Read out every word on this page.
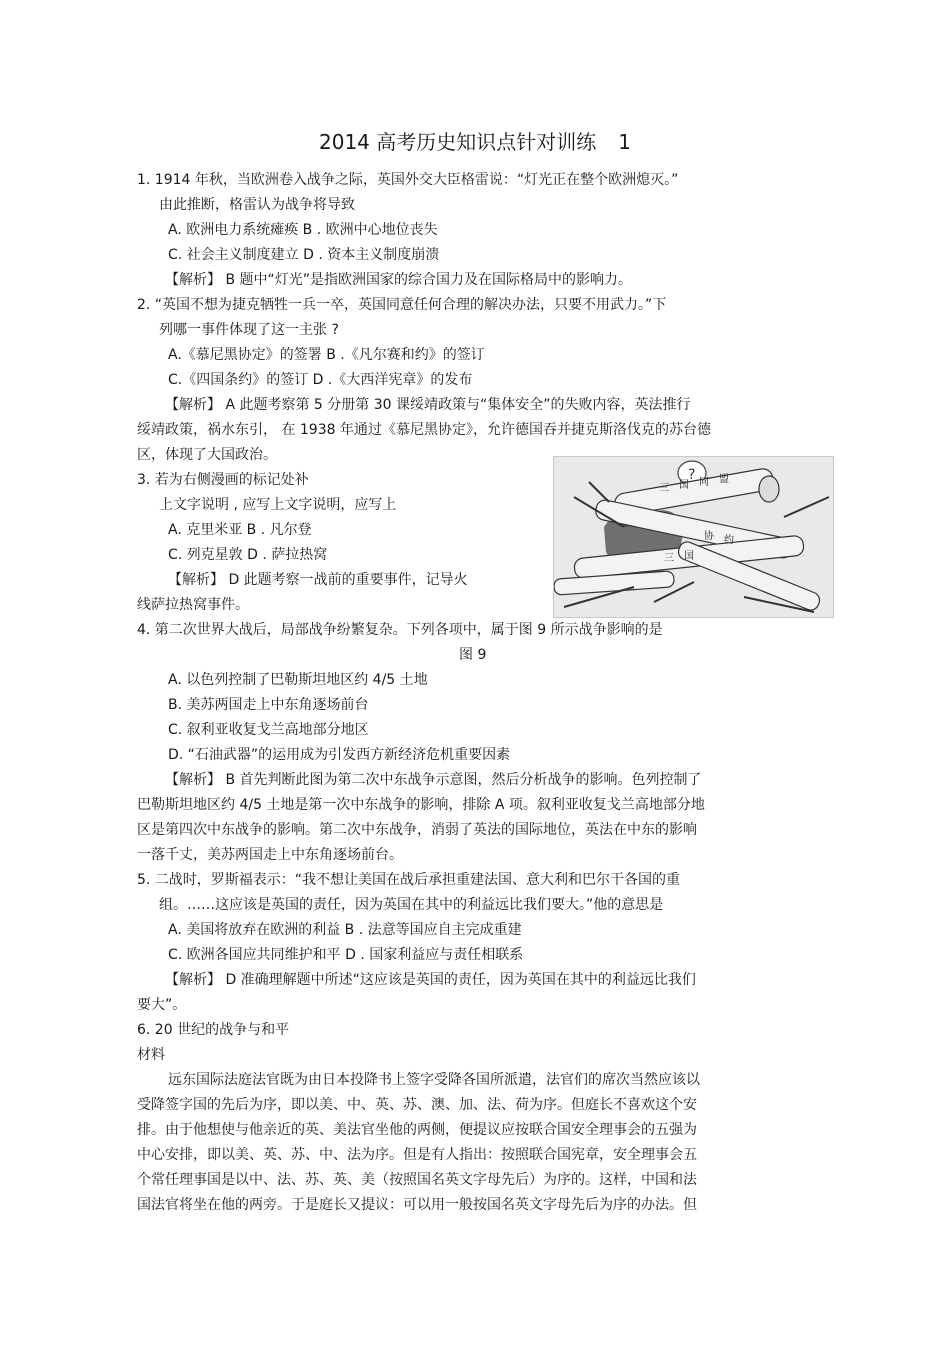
2014 高考历史知识点针对训练 1
1. 1914 年秋，当欧洲卷入战争之际，英国外交大臣格雷说：“灯光正在整个欧洲熄灭。”
由此推断，格雷认为战争将导致
A. 欧洲电力系统瘫痪 B . 欧洲中心地位丧失
C. 社会主义制度建立 D . 资本主义制度崩溃
【解析】 B 题中“灯光”是指欧洲国家的综合国力及在国际格局中的影响力。
2. “英国不想为捷克牺牲一兵一卒，英国同意任何合理的解决办法，只要不用武力。”下
列哪一事件体现了这一主张 ?
A.《慕尼黑协定》的签署 B .《凡尔赛和约》的签订
C.《四国条约》的签订 D .《大西洋宪章》的发布
【解析】 A 此题考察第 5 分册第 30 课绥靖政策与“集体安全”的失败内容，英法推行
绥靖政策，祸水东引， 在 1938 年通过《慕尼黑协定》，允许德国吞并捷克斯洛伐克的苏台德
区，体现了大国政治。
3. 若为右侧漫画的标记处补
上文字说明 , 应写上文字说明，应写上
A. 克里米亚 B . 凡尔登
C. 列克星敦 D . 萨拉热窝
【解析】 D 此题考察一战前的重要事件，记导火
线萨拉热窝事件。
4. 第二次世界大战后，局部战争纷繁复杂。下列各项中，属于图 9 所示战争影响的是
图 9
A. 以色列控制了巴勒斯坦地区约 4/5 土地
B. 美苏两国走上中东角逐场前台
C. 叙利亚收复戈兰高地部分地区
D. “石油武器”的运用成为引发西方新经济危机重要因素
【解析】 B 首先判断此图为第二次中东战争示意图，然后分析战争的影响。色列控制了
巴勒斯坦地区约 4/5 土地是第一次中东战争的影响，排除 A 项。叙利亚收复戈兰高地部分地
区是第四次中东战争的影响。第二次中东战争，消弱了英法的国际地位，英法在中东的影响
一落千丈，美苏两国走上中东角逐场前台。
5. 二战时，罗斯福表示：“我不想让美国在战后承担重建法国、意大利和巴尔干各国的重
组。……这应该是英国的责任，因为英国在其中的利益远比我们要大。”他的意思是
A. 美国将放弃在欧洲的利益 B . 法意等国应自主完成重建
C. 欧洲各国应共同维护和平 D . 国家利益应与责任相联系
【解析】 D 准确理解题中所述“这应该是英国的责任，因为英国在其中的利益远比我们
要大”。
6. 20 世纪的战争与和平
材料
远东国际法庭法官既为由日本投降书上签字受降各国所派遣，法官们的席次当然应该以
受降签字国的先后为序，即以美、中、英、苏、澳、加、法、荷为序。但庭长不喜欢这个安
排。由于他想使与他亲近的英、美法官坐他的两侧，便提议应按联合国安全理事会的五强为
中心安排，即以美、英、苏、中、法为序。但是有人指出：按照联合国宪章，安全理事会五
个常任理事国是以中、法、苏、英、美（按照国名英文字母先后）为序的。这样，中国和法
国法官将坐在他的两旁。于是庭长又提议：可以用一般按国名英文字母先后为序的办法。但
?
三 国 同 盟
协 约
三 国
